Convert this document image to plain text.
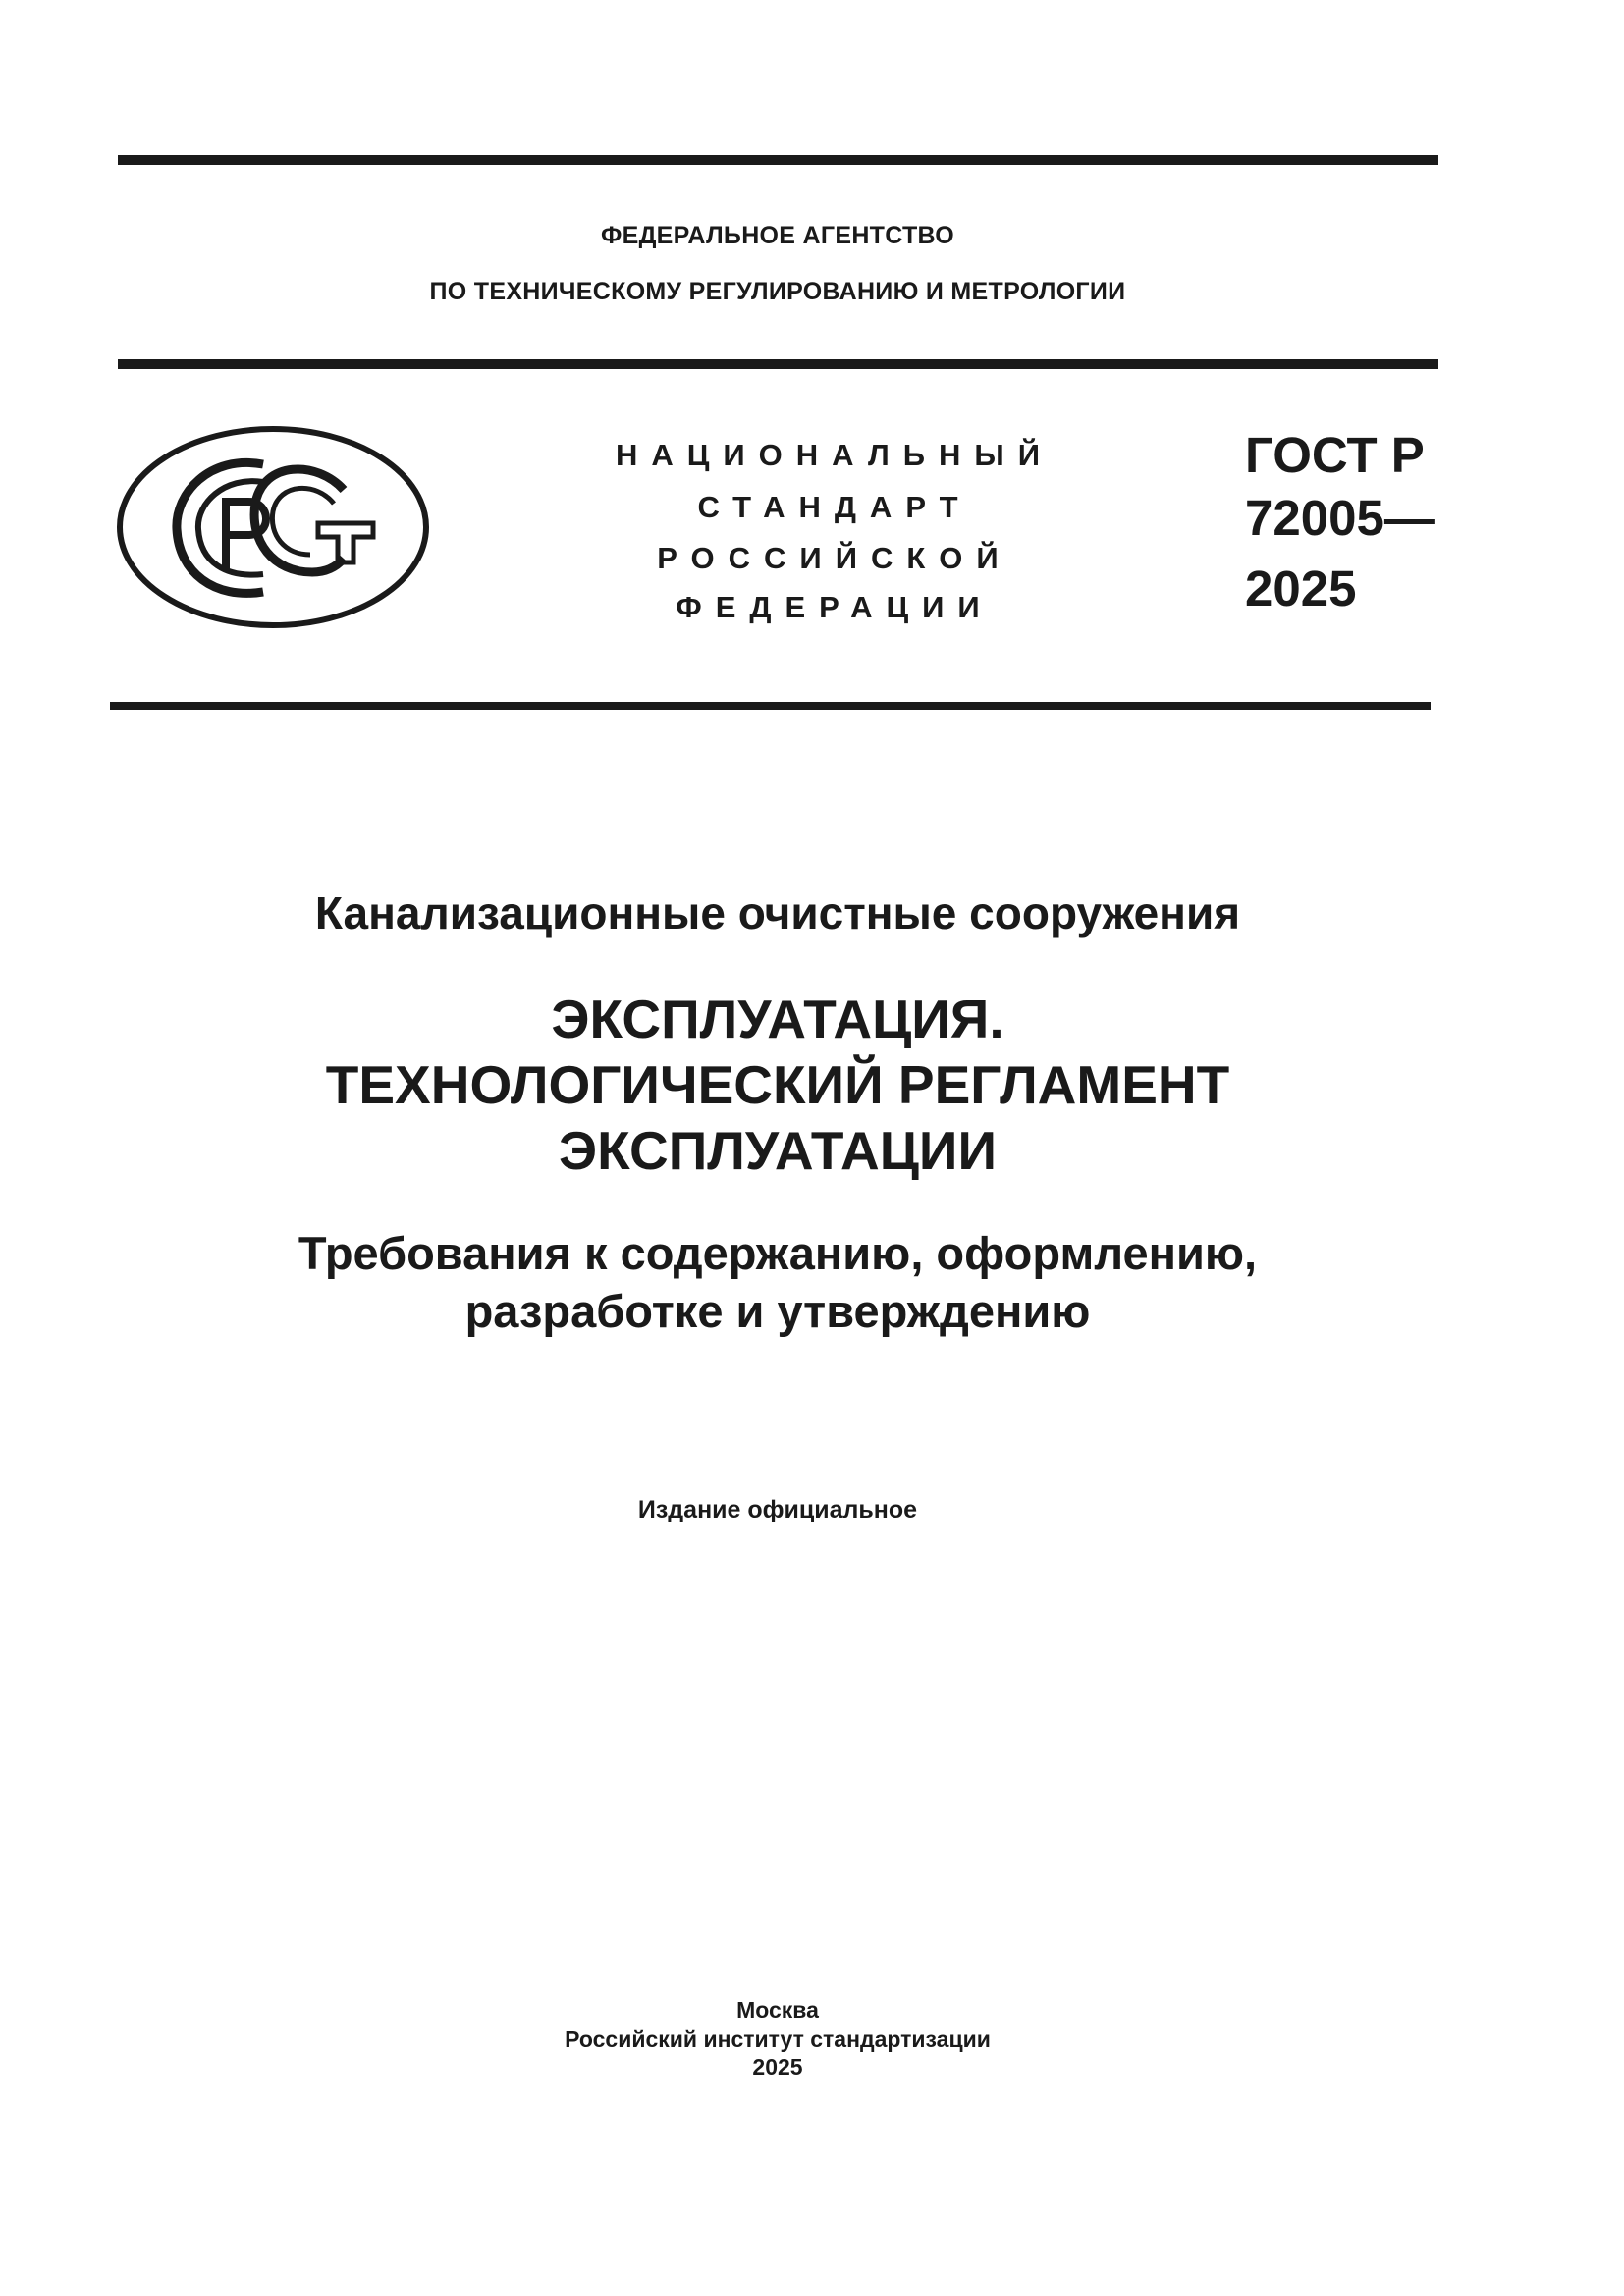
ФЕДЕРАЛЬНОЕ АГЕНТСТВО
ПО ТЕХНИЧЕСКОМУ РЕГУЛИРОВАНИЮ И МЕТРОЛОГИИ
НАЦИОНАЛЬНЫЙ
СТАНДАРТ
РОССИЙСКОЙ
ФЕДЕРАЦИИ
ГОСТ Р
72005—
2025
Канализационные очистные сооружения
ЭКСПЛУАТАЦИЯ.
ТЕХНОЛОГИЧЕСКИЙ РЕГЛАМЕНТ
ЭКСПЛУАТАЦИИ
Требования к содержанию, оформлению,
разработке и утверждению
Издание официальное
Москва
Российский институт стандартизации
2025
